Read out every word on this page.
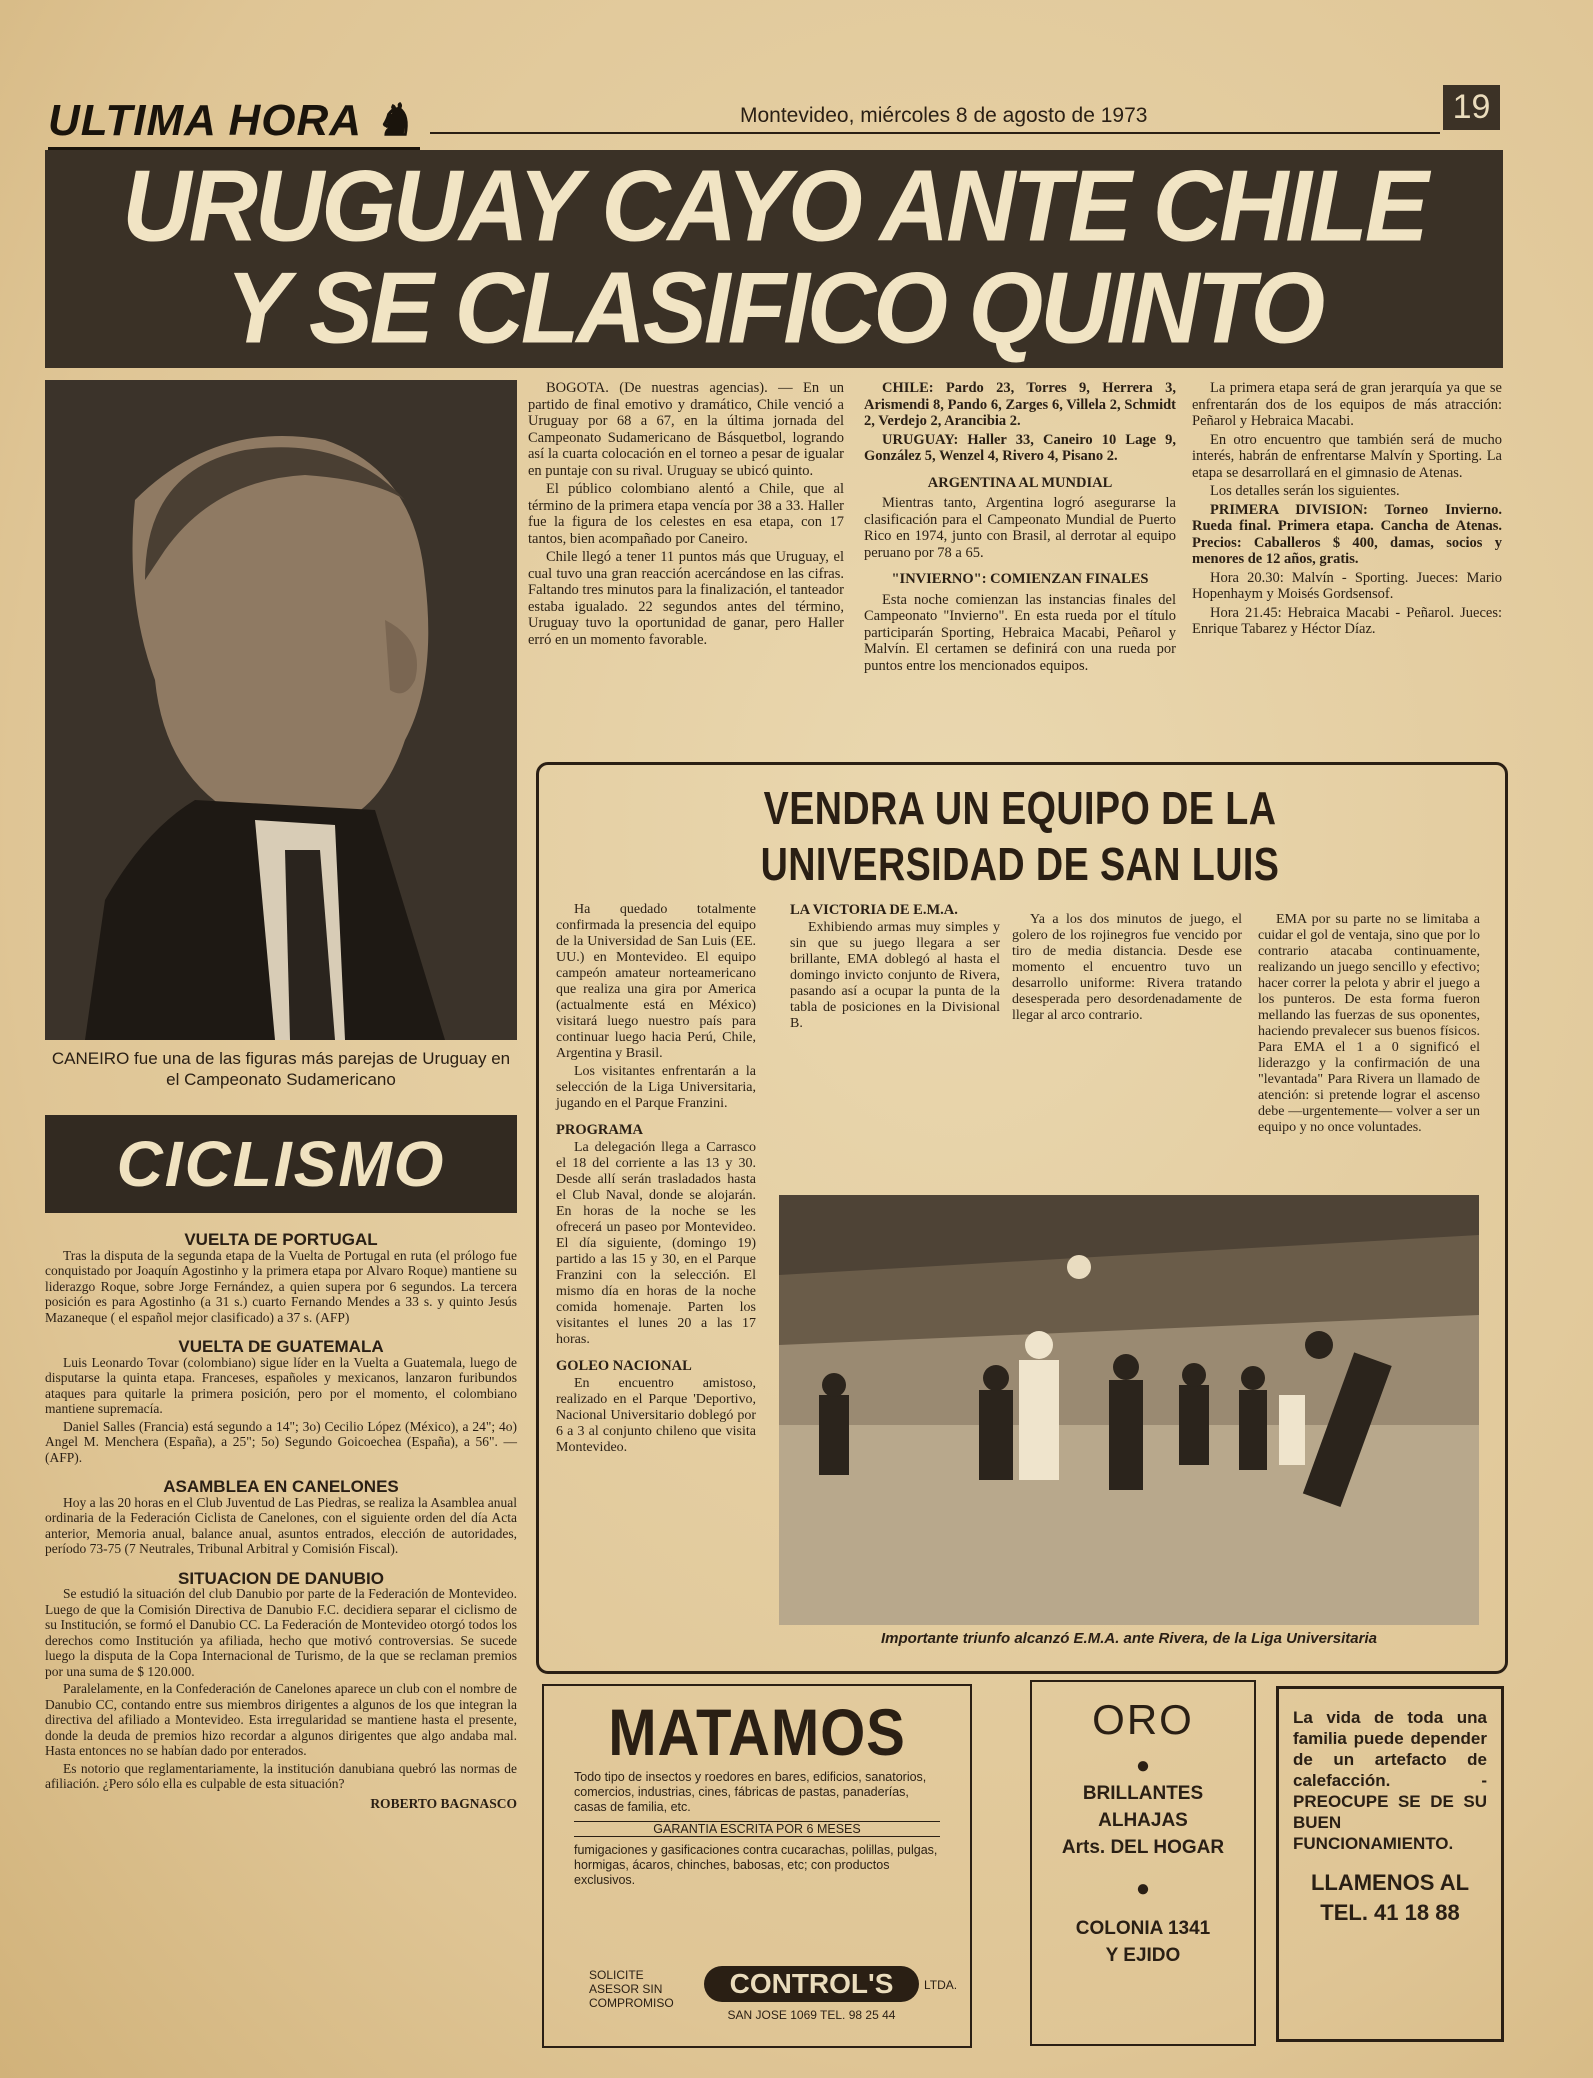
ULTIMA HORA ♞	Montevideo, miércoles 8 de agosto de 1973	19
URUGUAY CAYO ANTE CHILE
Y SE CLASIFICO QUINTO
CANEIRO fue una de las figuras más parejas de Uruguay en el Campeonato Sudamericano

BOGOTA. (De nuestras agencias). — En un partido de final emotivo y dramático, Chile venció a Uruguay por 68 a 67, en la última jornada del Campeonato Sudamericano de Básquetbol, logrando así la cuarta colocación en el torneo a pesar de igualar en puntaje con su rival. Uruguay se ubicó quinto.

El público colombiano alentó a Chile, que al término de la primera etapa vencía por 38 a 33. Haller fue la figura de los celestes en esa etapa, con 17 tantos, bien acompañado por Caneiro.

Chile llegó a tener 11 puntos más que Uruguay, el cual tuvo una gran reacción acercándose en las cifras. Faltando tres minutos para la finalización, el tanteador estaba igualado. 22 segundos antes del término, Uruguay tuvo la oportunidad de ganar, pero Haller erró en un momento favorable.

CHILE: Pardo 23, Torres 9, Herrera 3, Arismendi 8, Pando 6, Zarges 6, Villela 2, Schmidt 2, Verdejo 2, Arancibia 2.

URUGUAY: Haller 33, Caneiro 10 Lage 9, González 5, Wenzel 4, Rivero 4, Pisano 2.

ARGENTINA AL MUNDIAL

Mientras tanto, Argentina logró asegurarse la clasificación para el Campeonato Mundial de Puerto Rico en 1974, junto con Brasil, al derrotar al equipo peruano por 78 a 65.

"INVIERNO": COMIENZAN FINALES

Esta noche comienzan las instancias finales del Campeonato "Invierno". En esta rueda por el título participarán Sporting, Hebraica Macabi, Peñarol y Malvín. El certamen se definirá con una rueda por puntos entre los mencionados equipos.

La primera etapa será de gran jerarquía ya que se enfrentarán dos de los equipos de más atracción: Peñarol y Hebraica Macabi.

En otro encuentro que también será de mucho interés, habrán de enfrentarse Malvín y Sporting. La etapa se desarrollará en el gimnasio de Atenas.

Los detalles serán los siguientes.

PRIMERA DIVISION: Torneo Invierno. Rueda final. Primera etapa. Cancha de Atenas. Precios: Caballeros $ 400, damas, socios y menores de 12 años, gratis.

Hora 20.30: Malvín - Sporting. Jueces: Mario Hopenhaym y Moisés Gordsensof.

Hora 21.45: Hebraica Macabi - Peñarol. Jueces: Enrique Tabarez y Héctor Díaz.

CICLISMO
VUELTA DE PORTUGAL

Tras la disputa de la segunda etapa de la Vuelta de Portugal en ruta (el prólogo fue conquistado por Joaquín Agostinho y la primera etapa por Alvaro Roque) mantiene su liderazgo Roque, sobre Jorge Fernández, a quien supera por 6 segundos. La tercera posición es para Agostinho (a 31 s.) cuarto Fernando Mendes a 33 s. y quinto Jesús Mazaneque ( el español mejor clasificado) a 37 s. (AFP)

VUELTA DE GUATEMALA

Luis Leonardo Tovar (colombiano) sigue líder en la Vuelta a Guatemala, luego de disputarse la quinta etapa. Franceses, españoles y mexicanos, lanzaron furibundos ataques para quitarle la primera posición, pero por el momento, el colombiano mantiene supremacía.

Daniel Salles (Francia) está segundo a 14"; 3o) Cecilio López (México), a 24"; 4o) Angel M. Menchera (España), a 25"; 5o) Segundo Goicoechea (España), a 56". — (AFP).

ASAMBLEA EN CANELONES

Hoy a las 20 horas en el Club Juventud de Las Piedras, se realiza la Asamblea anual ordinaria de la Federación Ciclista de Canelones, con el siguiente orden del día Acta anterior, Memoria anual, balance anual, asuntos entrados, elección de autoridades, período 73-75 (7 Neutrales, Tribunal Arbitral y Comisión Fiscal).

SITUACION DE DANUBIO

Se estudió la situación del club Danubio por parte de la Federación de Montevideo. Luego de que la Comisión Directiva de Danubio F.C. decidiera separar el ciclismo de su Institución, se formó el Danubio CC. La Federación de Montevideo otorgó todos los derechos como Institución ya afiliada, hecho que motivó controversias. Se sucede luego la disputa de la Copa Internacional de Turismo, de la que se reclaman premios por una suma de $ 120.000.

Paralelamente, en la Confederación de Canelones aparece un club con el nombre de Danubio CC, contando entre sus miembros dirigentes a algunos de los que integran la directiva del afiliado a Montevideo. Esta irregularidad se mantiene hasta el presente, donde la deuda de premios hizo recordar a algunos dirigentes que algo andaba mal. Hasta entonces no se habían dado por enterados.

Es notorio que reglamentariamente, la institución danubiana quebró las normas de afiliación. ¿Pero sólo ella es culpable de esta situación?

ROBERTO BAGNASCO
VENDRA UN EQUIPO DE LA UNIVERSIDAD DE SAN LUIS

Ha quedado totalmente confirmada la presencia del equipo de la Universidad de San Luis (EE. UU.) en Montevideo. El equipo campeón amateur norteamericano que realiza una gira por America (actualmente está en México) visitará luego nuestro país para continuar luego hacia Perú, Chile, Argentina y Brasil.

Los visitantes enfrentarán a la selección de la Liga Universitaria, jugando en el Parque Franzini.

PROGRAMA

La delegación llega a Carrasco el 18 del corriente a las 13 y 30. Desde allí serán trasladados hasta el Club Naval, donde se alojarán. En horas de la noche se les ofrecerá un paseo por Montevideo. El día siguiente, (domingo 19) partido a las 15 y 30, en el Parque Franzini con la selección. El mismo día en horas de la noche comida homenaje. Parten los visitantes el lunes 20 a las 17 horas.

GOLEO NACIONAL

En encuentro amistoso, realizado en el Parque 'Deportivo, Nacional Universitario doblegó por 6 a 3 al conjunto chileno que visita Montevideo.

LA VICTORIA DE E.M.A.

Exhibiendo armas muy simples y sin que su juego llegara a ser brillante, EMA doblegó al hasta el domingo invicto conjunto de Rivera, pasando así a ocupar la punta de la tabla de posiciones en la Divisional B.

Ya a los dos minutos de juego, el golero de los rojinegros fue vencido por tiro de media distancia. Desde ese momento el encuentro tuvo un desarrollo uniforme: Rivera tratando desesperada pero desordenadamente de llegar al arco contrario.

EMA por su parte no se limitaba a cuidar el gol de ventaja, sino que por lo contrario atacaba continuamente, realizando un juego sencillo y efectivo; hacer correr la pelota y abrir el juego a los punteros. De esta forma fueron mellando las fuerzas de sus oponentes, haciendo prevalecer sus buenos físicos. Para EMA el 1 a 0 significó el liderazgo y la confirmación de una "levantada" Para Rivera un llamado de atención: si pretende lograr el ascenso debe —urgentemente— volver a ser un equipo y no once voluntades.

Importante triunfo alcanzó E.M.A. ante Rivera, de la Liga Universitaria
MATAMOS
Todo tipo de insectos y roedores en bares, edificios, sanatorios, comercios, industrias, cines, fábricas de pastas, panaderías, casas de familia, etc.
GARANTIA ESCRITA POR 6 MESES
fumigaciones y gasificaciones contra cucarachas, polillas, pulgas, hormigas, ácaros, chinches, babosas, etc; con productos exclusivos.
SOLICITE ASESOR SIN COMPROMISO
CONTROL'S	LTDA.
SAN JOSE 1069 TEL. 98 25 44
ORO
●
BRILLANTES
ALHAJAS
Arts. DEL HOGAR
●
COLONIA 1341
Y EJIDO
La vida de toda una familia puede depender de un artefacto de calefacción. - PREOCUPE SE DE SU BUEN FUNCIONAMIENTO.
LLAMENOS AL
TEL. 41 18 88
